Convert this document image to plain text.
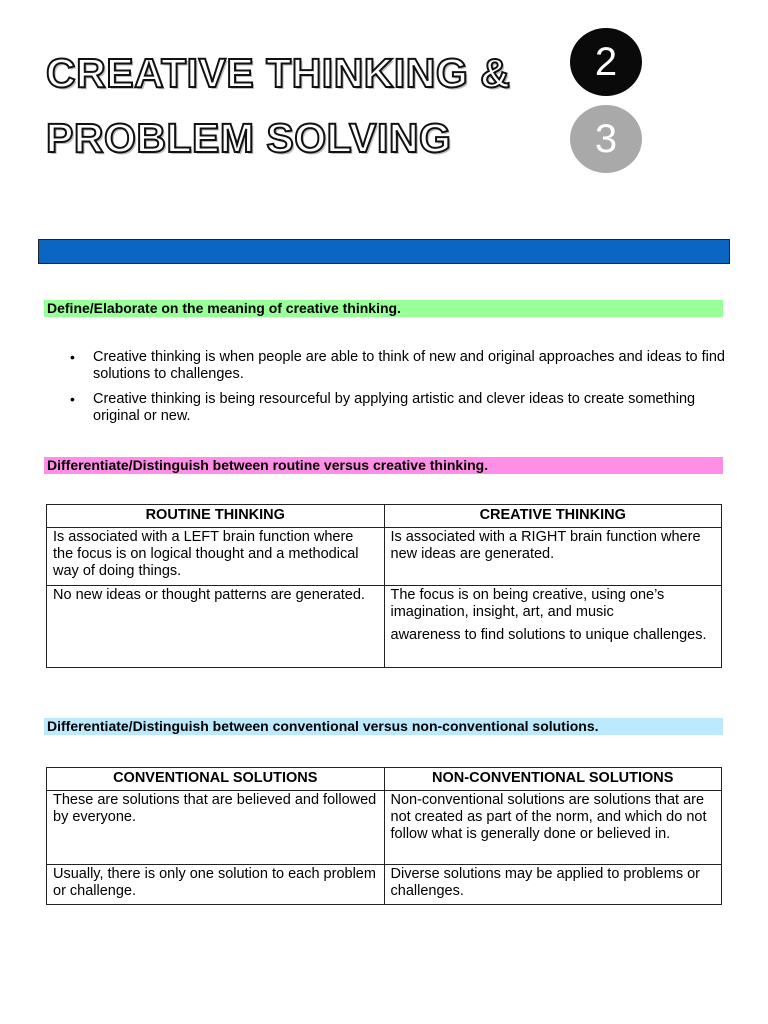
CREATIVE THINKING &
PROBLEM SOLVING
2
3
Define/Elaborate on the meaning of creative thinking.
• Creative thinking is when people are able to think of new and original approaches and ideas to find solutions to challenges.
• Creative thinking is being resourceful by applying artistic and clever ideas to create something original or new.
Differentiate/Distinguish between routine versus creative thinking.
ROUTINE THINKING	CREATIVE THINKING

Is associated with a LEFT brain function where the focus is on logical thought and a methodical way of doing things.	Is associated with a RIGHT brain function where new ideas are generated.

No new ideas or thought patterns are generated.	The focus is on being creative, using one’s imagination, insight, art, and music

awareness to find solutions to unique challenges.

Differentiate/Distinguish between conventional versus non-conventional solutions.
CONVENTIONAL SOLUTIONS	NON-CONVENTIONAL SOLUTIONS

These are solutions that are believed and followed by everyone.	Non-conventional solutions are solutions that are not created as part of the norm, and which do not follow what is generally done or believed in.

Usually, there is only one solution to each problem or challenge.	Diverse solutions may be applied to problems or challenges.
